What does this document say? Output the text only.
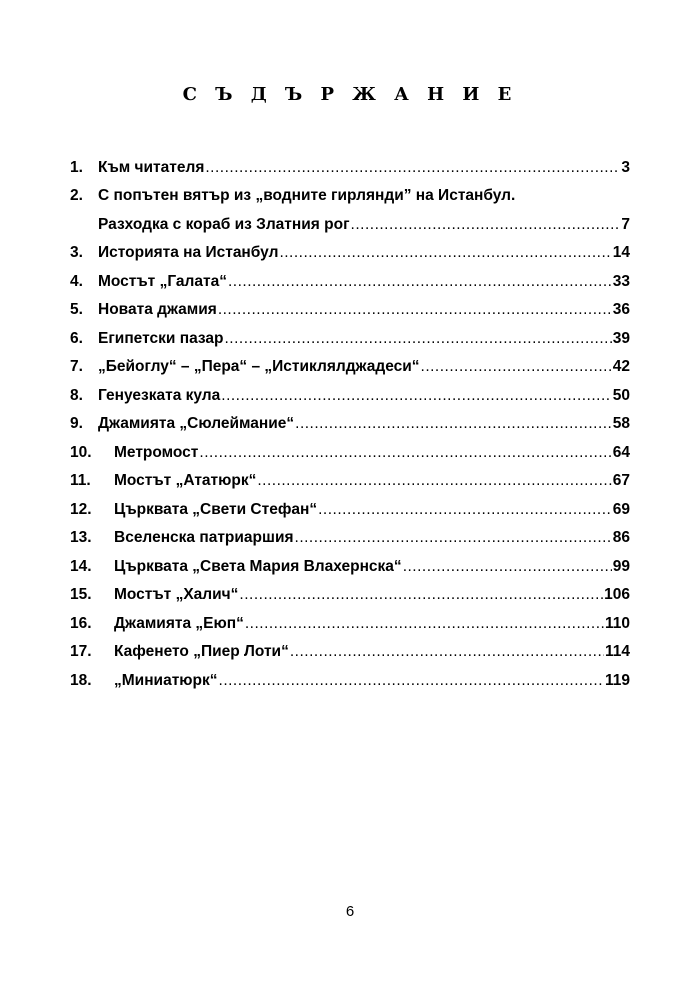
С Ъ Д Ъ Р Ж А Н И Е
1. Към читателя .....	3
2. С попътен вятър из „водните гирлянди” на Истанбул.
Разходка с кораб из Златния рог .....	7
3. Историята на Истанбул .....	14
4. Мостът „Галата“ .....	33
5. Новата джамия .....	36
6. Египетски пазар .....	39
7. „Бейоглу“ – „Пера“ – „Истиклялджадеси“ .....	42
8. Генуезката кула .....	50
9. Джамията „Сюлеймание“ .....	58
10.	Метромост .....	64
11.	Мостът „Ататюрк“ .....	67
12.	Църквата „Свети Стефан“ .....	69
13.	Вселенска патриаршия .....	86
14.	Църквата „Света Мария Влахернска“ .....	99
15.	Мостът „Халич“ .....	106
16.	Джамията „Еюп“ .....	110
17.	Кафенето „Пиер Лоти“ .....	114
18.	„Миниатюрк“ .....	119
6
